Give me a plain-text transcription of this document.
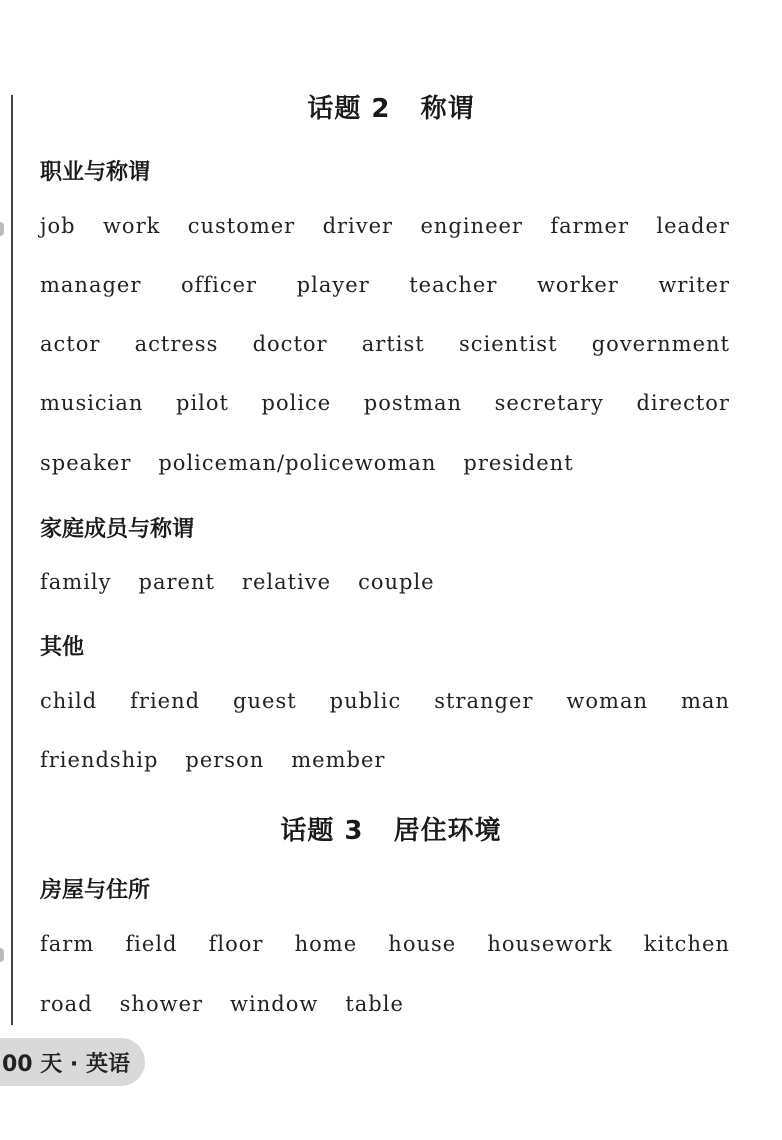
话题 2   称谓
职业与称谓
job work customer driver engineer farmer leader
manager officer player teacher worker writer
actor actress doctor artist scientist government
musician pilot police postman secretary director
speaker policeman/policewoman president
家庭成员与称谓
family parent relative couple
其他
child friend guest public stranger woman man
friendship person member
话题 3   居住环境
房屋与住所
farm field floor home house housework kitchen
road shower window table
00 天 · 英语
